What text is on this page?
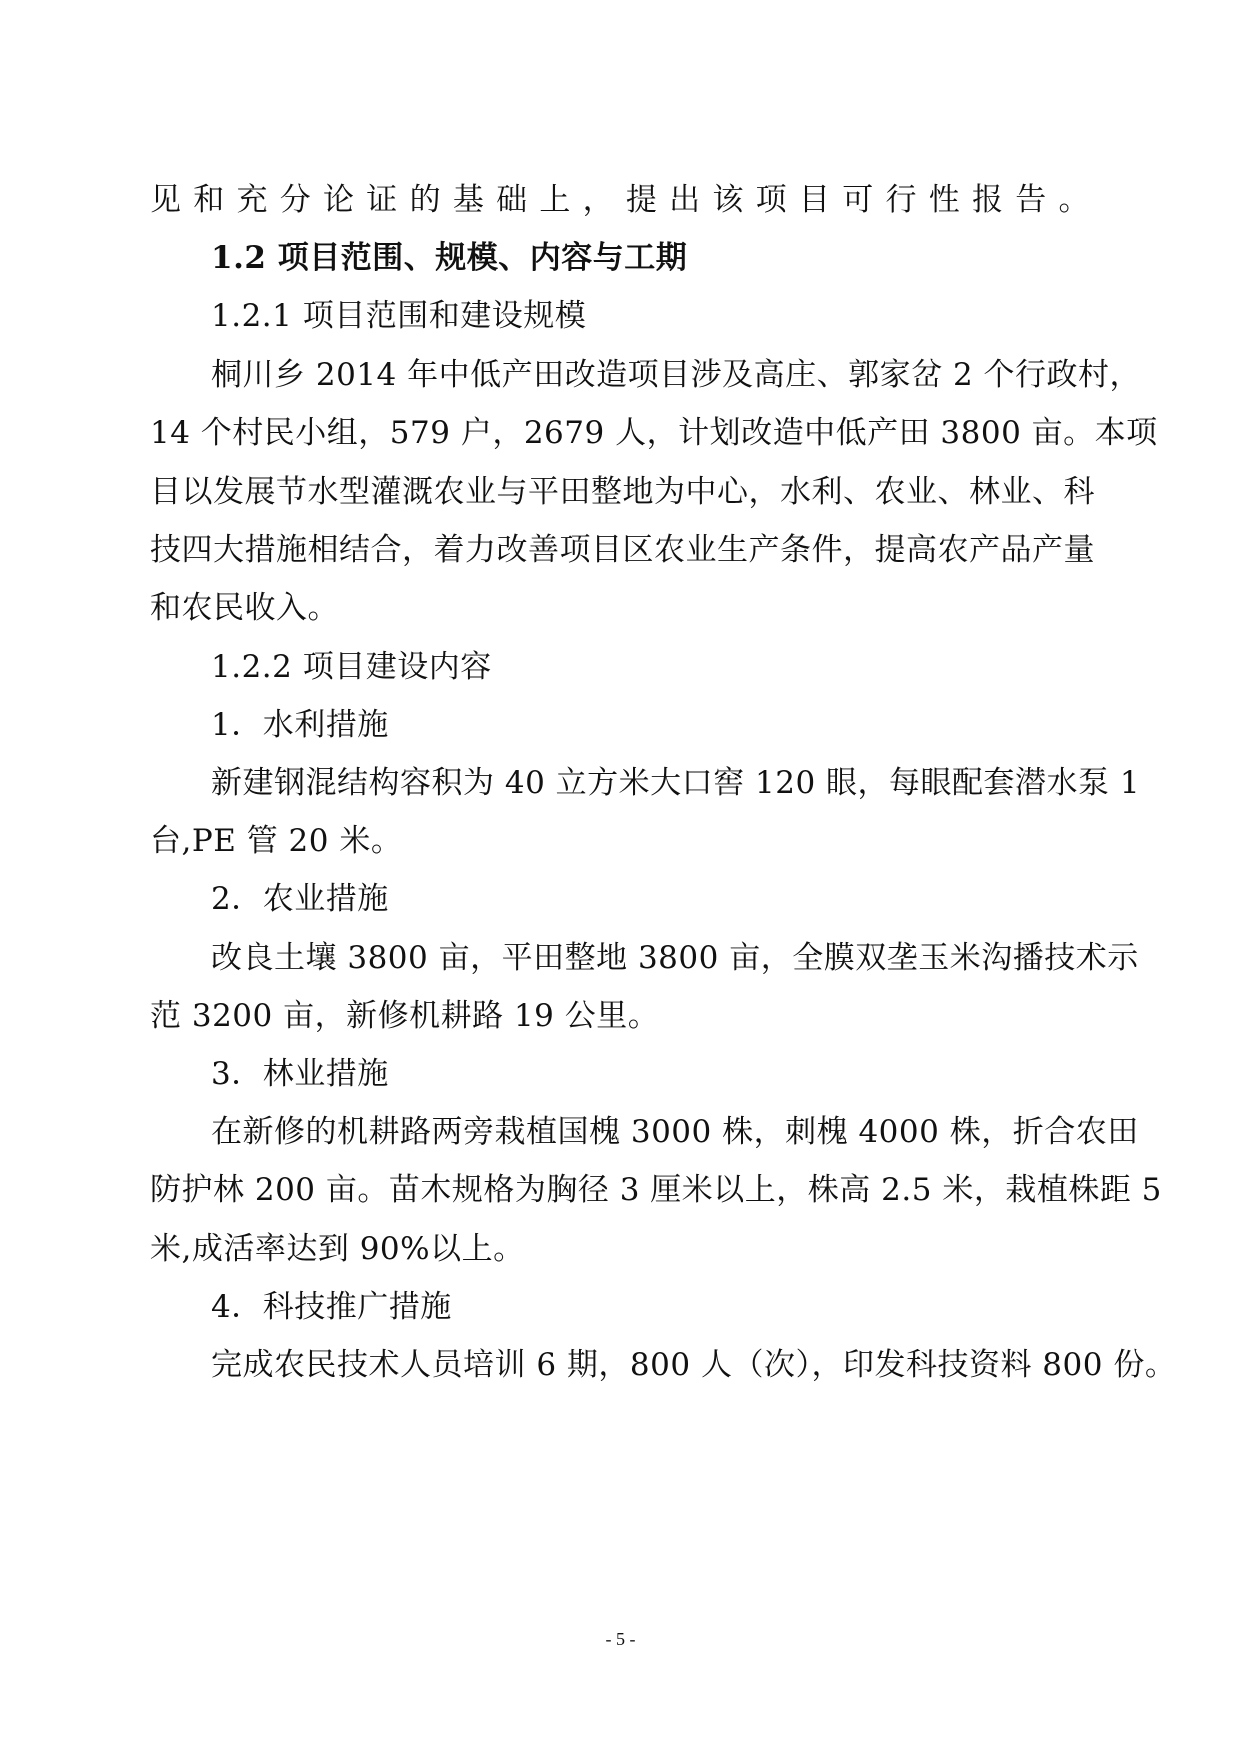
见和充分论证的基础上，提出该项目可行性报告。
1.2 项目范围、规模、内容与工期
1.2.1 项目范围和建设规模
桐川乡 2014 年中低产田改造项目涉及高庄、郭家岔 2 个行政村，
14 个村民小组，579 户，2679 人，计划改造中低产田 3800 亩。本项
目以发展节水型灌溉农业与平田整地为中心，水利、农业、林业、科
技四大措施相结合，着力改善项目区农业生产条件，提高农产品产量
和农民收入。
1.2.2 项目建设内容
1．水利措施
新建钢混结构容积为 40 立方米大口窖 120 眼，每眼配套潜水泵 1
台,PE 管 20 米。
2．农业措施
改良土壤 3800 亩，平田整地 3800 亩，全膜双垄玉米沟播技术示
范 3200 亩，新修机耕路 19 公里。
3．林业措施
在新修的机耕路两旁栽植国槐 3000 株，刺槐 4000 株，折合农田
防护林 200 亩。苗木规格为胸径 3 厘米以上，株高 2.5 米，栽植株距 5
米,成活率达到 90%以上。
4．科技推广措施
完成农民技术人员培训 6 期，800 人（次），印发科技资料 800 份。
- 5 -
